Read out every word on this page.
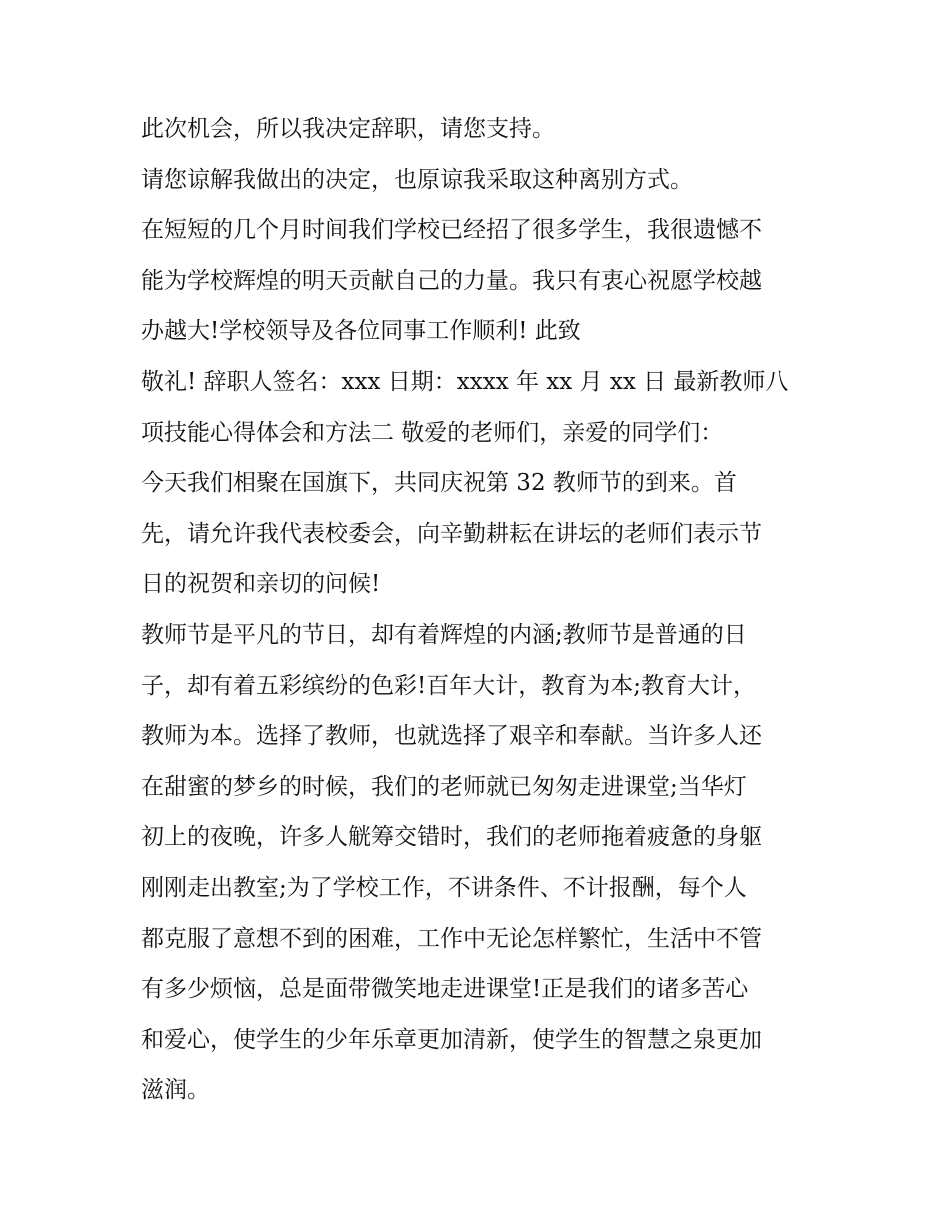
此次机会，所以我决定辞职，请您支持。
请您谅解我做出的决定，也原谅我采取这种离别方式。
在短短的几个月时间我们学校已经招了很多学生，我很遗憾不
能为学校辉煌的明天贡献自己的力量。我只有衷心祝愿学校越
办越大!学校领导及各位同事工作顺利! 此致
敬礼! 辞职人签名：xxx 日期：xxxx 年 xx 月 xx 日 最新教师八
项技能心得体会和方法二 敬爱的老师们，亲爱的同学们：
今天我们相聚在国旗下，共同庆祝第 32 教师节的到来。首
先，请允许我代表校委会，向辛勤耕耘在讲坛的老师们表示节
日的祝贺和亲切的问候!
教师节是平凡的节日，却有着辉煌的内涵;教师节是普通的日
子，却有着五彩缤纷的色彩!百年大计，教育为本;教育大计，
教师为本。选择了教师，也就选择了艰辛和奉献。当许多人还
在甜蜜的梦乡的时候，我们的老师就已匆匆走进课堂;当华灯
初上的夜晚，许多人觥筹交错时，我们的老师拖着疲惫的身躯
刚刚走出教室;为了学校工作，不讲条件、不计报酬，每个人
都克服了意想不到的困难，工作中无论怎样繁忙，生活中不管
有多少烦恼，总是面带微笑地走进课堂!正是我们的诸多苦心
和爱心，使学生的少年乐章更加清新，使学生的智慧之泉更加
滋润。
